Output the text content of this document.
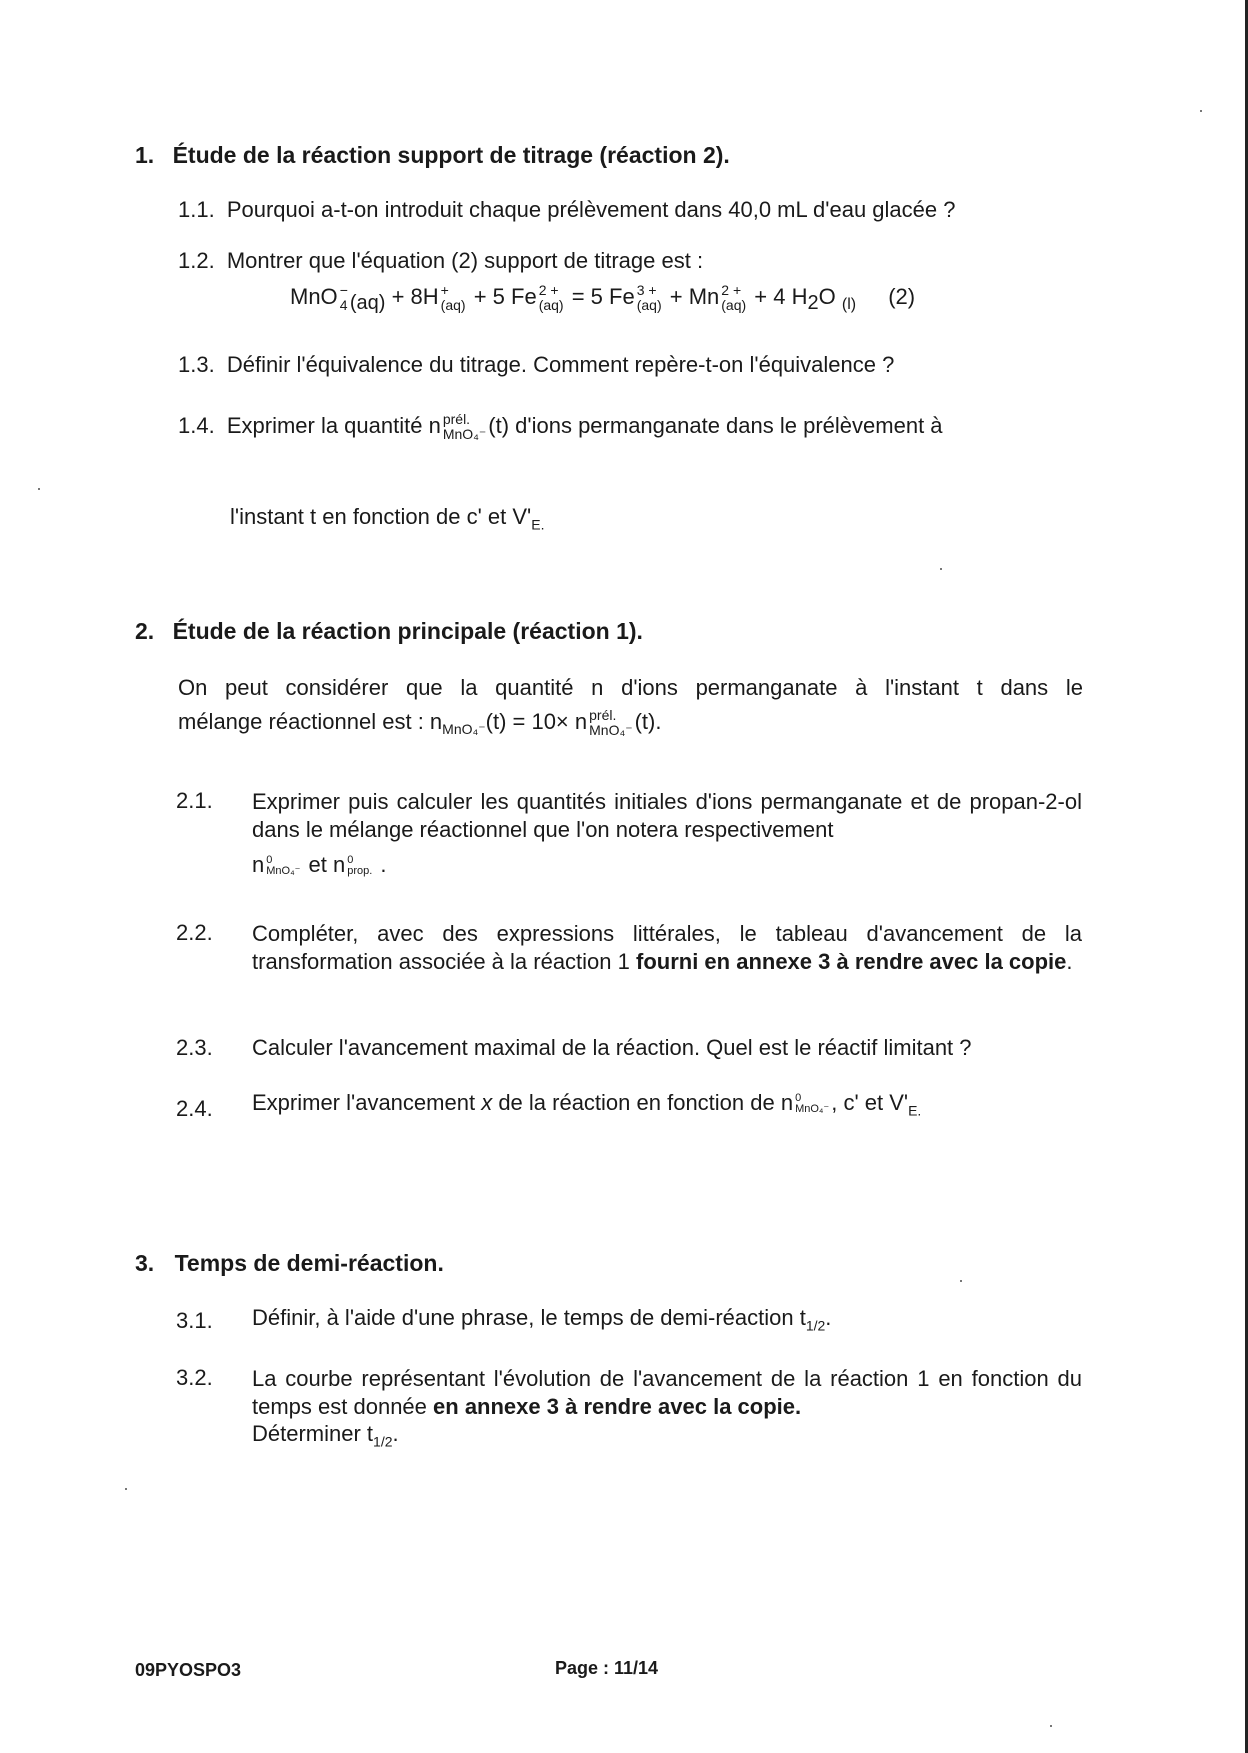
1. Étude de la réaction support de titrage (réaction 2).
1.1. Pourquoi a-t-on introduit chaque prélèvement dans 40,0 mL d'eau glacée ?
1.2. Montrer que l'équation (2) support de titrage est :
MnO −
4 $_{(aq)}$ + 8H +
(aq) + 5 Fe 2 +
(aq) = 5 Fe 3 +
(aq) + Mn 2 +
(aq) + 4 $H_2O$ $_{(l)}$ (2)
1.3. Définir l'équivalence du titrage. Comment repère-t-on l'équivalence ?
1.4. Exprimer la quantité n prél.
MnO₄⁻ (t) d'ions permanganate dans le prélèvement à
l'instant t en fonction de c' et $V'_{E.}$
2. Étude de la réaction principale (réaction 1).
On peut considérer que la quantité n d'ions permanganate à l'instant t dans le
mélange réactionnel est : $n_{MnO_4^-}(t) = 10\times n$ prél.
MnO₄⁻ (t).
2.1. Exprimer puis calculer les quantités initiales d'ions permanganate et de propan-2-ol dans le mélange réactionnel que l'on notera respectivement
n 0
MnO₄⁻ et n 0
prop. .
2.2. Compléter, avec des expressions littérales, le tableau d'avancement de la transformation associée à la réaction 1 fourni en annexe 3 à rendre avec la copie.
2.3. Calculer l'avancement maximal de la réaction. Quel est le réactif limitant ?
2.4. Exprimer l'avancement x de la réaction en fonction de n 0
MnO₄⁻ , c' et $V'_{E.}$
3. Temps de demi-réaction.
3.1. Définir, à l'aide d'une phrase, le temps de demi-réaction $t_{1/2}$.
3.2. La courbe représentant l'évolution de l'avancement de la réaction 1 en fonction du temps est donnée en annexe 3 à rendre avec la copie.
Déterminer $t_{1/2}$.
09PYOSPO3	Page : 11/14
